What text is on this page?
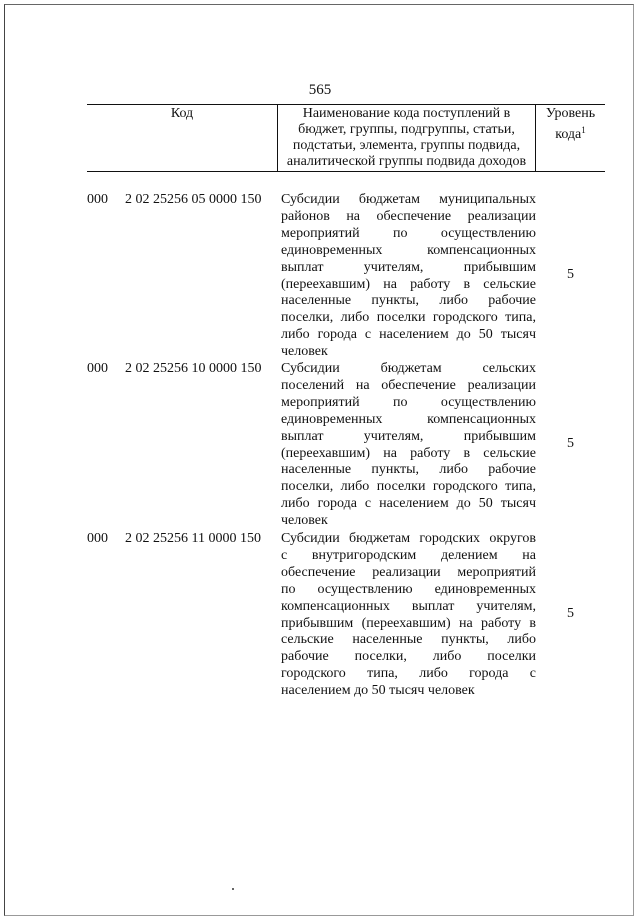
565
Код	Наименование кода поступлений в
бюджет, группы, подгруппы, статьи,
подстатьи, элемента, группы подвида,
аналитической группы подвида доходов
Уровень
кода$^1$
000 2 02 25256 05 0000 150 Субсидии бюджетам муниципальных
районов на обеспечение реализации
мероприятий по осуществлению
единовременных компенсационных
выплат учителям, прибывшим
(переехавшим) на работу в сельские
населенные пункты, либо рабочие
поселки, либо поселки городского типа,
либо города с населением до 50 тысяч
человек
5
000 2 02 25256 10 0000 150 Субсидии бюджетам сельских
поселений на обеспечение реализации
мероприятий по осуществлению
единовременных компенсационных
выплат учителям, прибывшим
(переехавшим) на работу в сельские
населенные пункты, либо рабочие
поселки, либо поселки городского типа,
либо города с населением до 50 тысяч
человек
5
000 2 02 25256 11 0000 150 Субсидии бюджетам городских округов
с внутригородским делением на
обеспечение реализации мероприятий
по осуществлению единовременных
компенсационных выплат учителям,
прибывшим (переехавшим) на работу в
сельские населенные пункты, либо
рабочие поселки, либо поселки
городского типа, либо города с
населением до 50 тысяч человек
5
